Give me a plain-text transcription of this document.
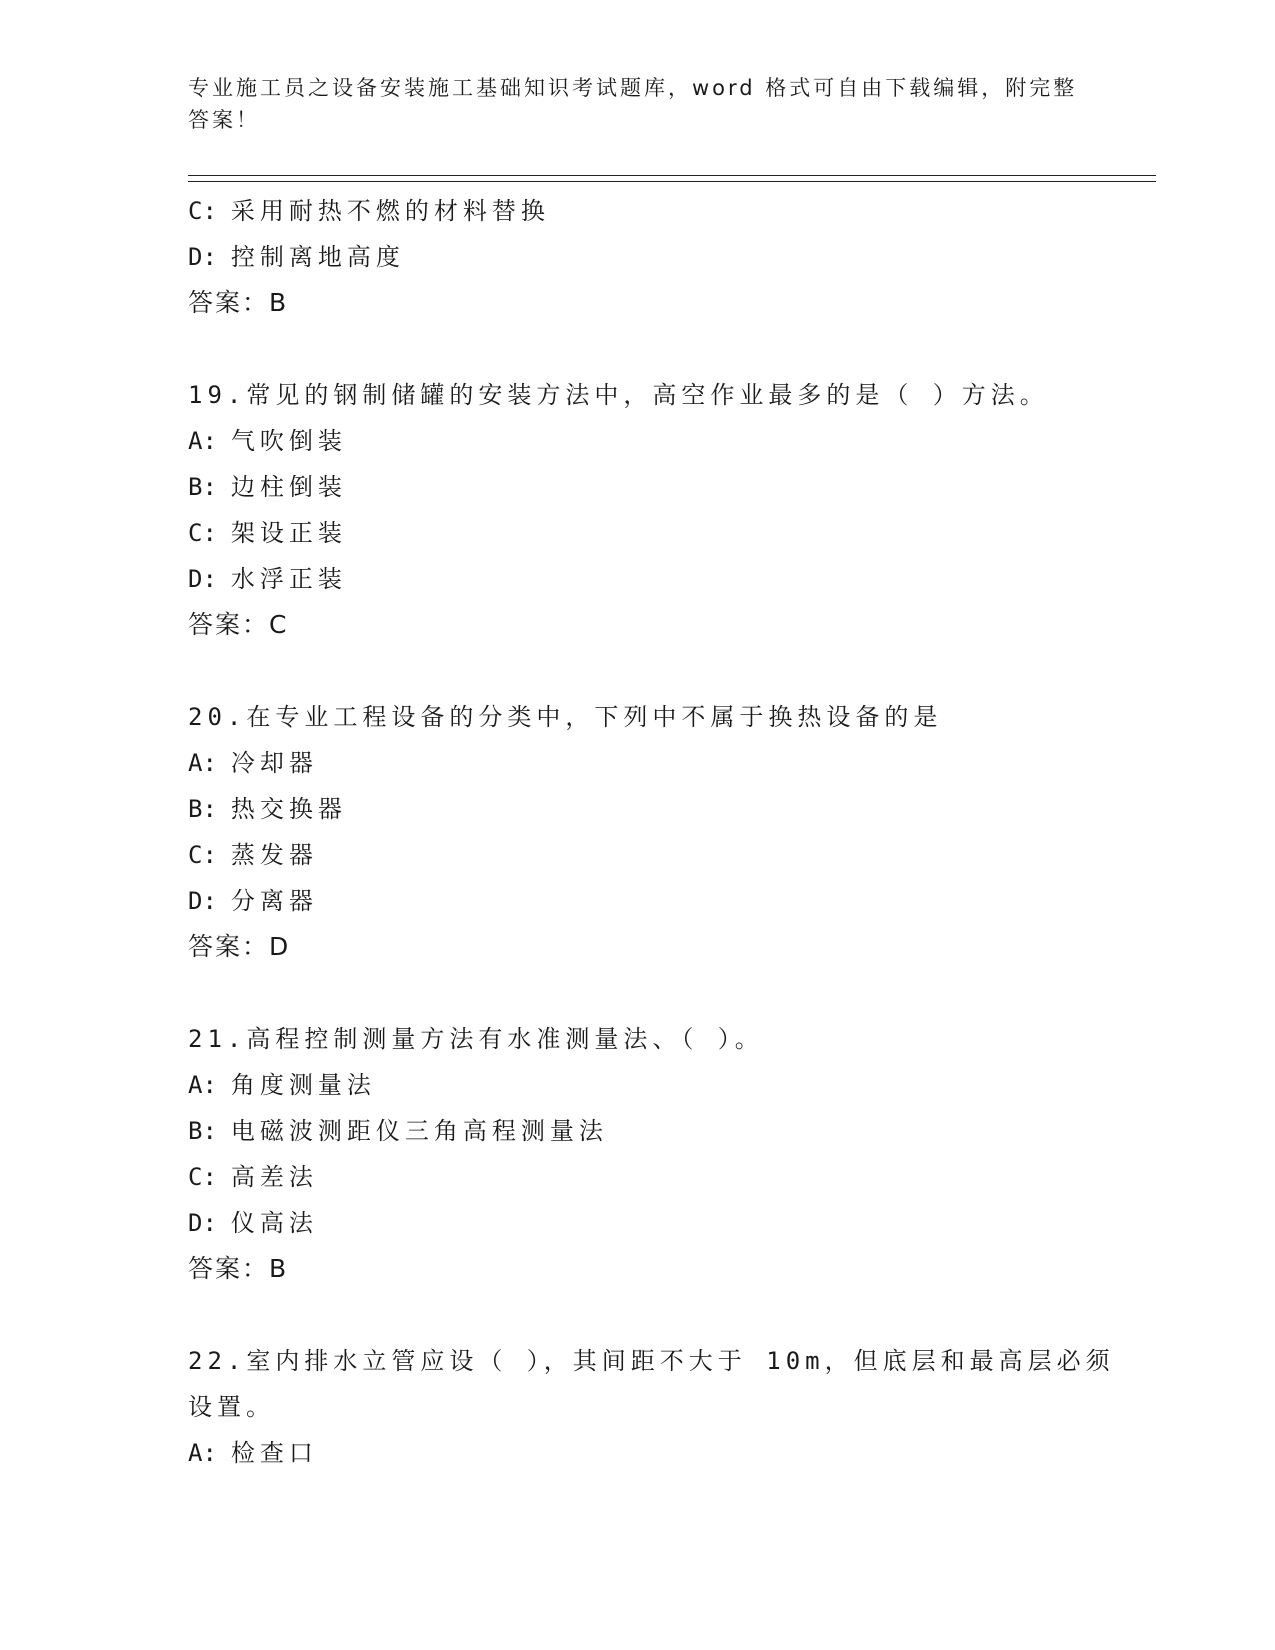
专业施工员之设备安装施工基础知识考试题库，word 格式可自由下载编辑，附完整答案！
C: 采用耐热不燃的材料替换
D: 控制离地高度
答案：B
19.常见的钢制储罐的安装方法中，高空作业最多的是（ ）方法。
A: 气吹倒装
B: 边柱倒装
C: 架设正装
D: 水浮正装
答案：C
20.在专业工程设备的分类中，下列中不属于换热设备的是
A: 冷却器
B: 热交换器
C: 蒸发器
D: 分离器
答案：D
21.高程控制测量方法有水准测量法、（ ）。
A: 角度测量法
B: 电磁波测距仪三角高程测量法
C: 高差法
D: 仪高法
答案：B
22.室内排水立管应设（ ），其间距不大于 10m，但底层和最高层必须
设置。
A: 检查口
